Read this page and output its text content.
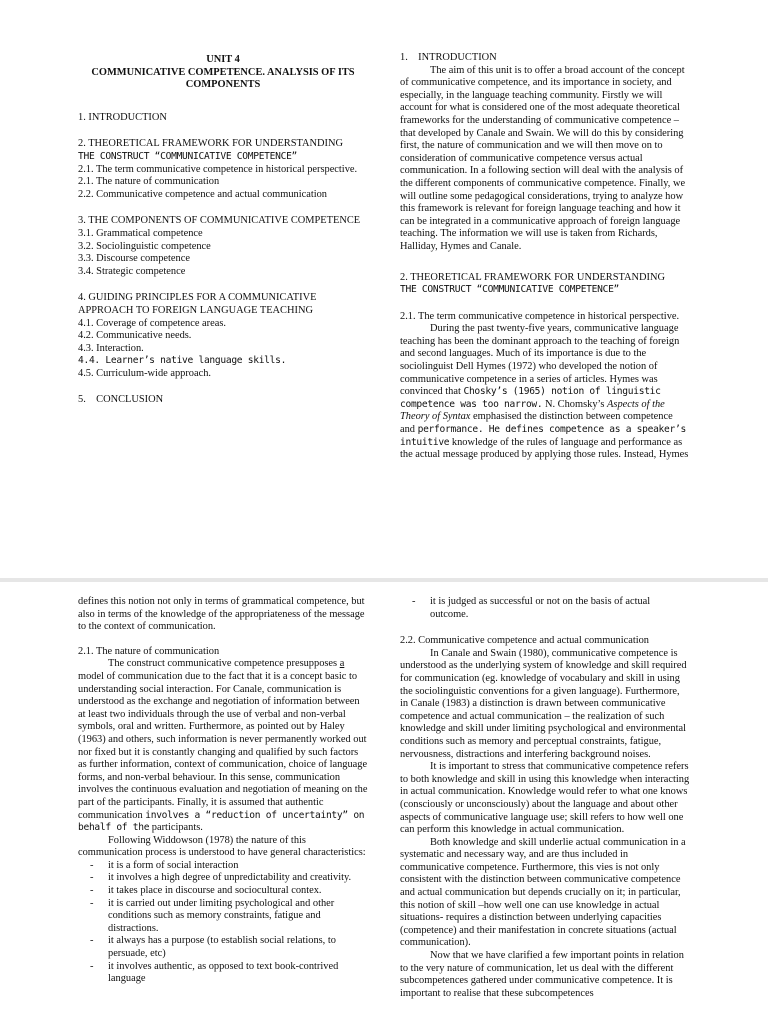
UNIT 4

COMMUNICATIVE COMPETENCE. ANALYSIS OF ITS COMPONENTS

1. INTRODUCTION

2. THEORETICAL FRAMEWORK FOR UNDERSTANDING

THE CONSTRUCT “COMMUNICATIVE COMPETENCE”

2.1. The term communicative competence in historical perspective.

2.1. The nature of communication

2.2. Communicative competence and actual communication

3. THE COMPONENTS OF COMMUNICATIVE COMPETENCE

3.1. Grammatical competence

3.2. Sociolinguistic competence

3.3. Discourse competence

3.4. Strategic competence

4. GUIDING PRINCIPLES FOR A COMMUNICATIVE APPROACH TO FOREIGN LANGUAGE TEACHING

4.1. Coverage of competence areas.

4.2. Communicative needs.

4.3. Interaction.

4.4. Learner’s native language skills.

4.5. Curriculum-wide approach.

5. CONCLUSION

1. INTRODUCTION

The aim of this unit is to offer a broad account of the concept of communicative competence, and its importance in society, and especially, in the language teaching community. Firstly we will account for what is considered one of the most adequate theoretical frameworks for the understanding of communicative competence –that developed by Canale and Swain. We will do this by considering first, the nature of communication and we will then move on to consideration of communicative competence versus actual communication. In a following section will deal with the analysis of the different components of communicative competence. Finally, we will outline some pedagogical considerations, trying to analyze how this framework is relevant for foreign language teaching and how it can be integrated in a communicative approach of foreign language teaching. The information we will use is taken from Richards, Halliday, Hymes and Canale.

2. THEORETICAL FRAMEWORK FOR UNDERSTANDING

THE CONSTRUCT “COMMUNICATIVE COMPETENCE”

2.1. The term communicative competence in historical perspective.

During the past twenty-five years, communicative language teaching has been the dominant approach to the teaching of foreign and second languages. Much of its importance is due to the sociolinguist Dell Hymes (1972) who developed the notion of communicative competence in a series of articles. Hymes was convinced that Chosky’s (1965) notion of linguistic competence was too narrow. N. Chomsky’s Aspects of the Theory of Syntax emphasised the distinction between competence and performance. He defines competence as a speaker’s intuitive knowledge of the rules of language and performance as the actual message produced by applying those rules. Instead, Hymes

defines this notion not only in terms of grammatical competence, but also in terms of the knowledge of the appropriateness of the message to the context of communication.

2.1. The nature of communication

The construct communicative competence presupposes a model of communication due to the fact that it is a concept basic to understanding social interaction. For Canale, communication is understood as the exchange and negotiation of information between at least two individuals through the use of verbal and non-verbal symbols, oral and written. Furthermore, as pointed out by Haley (1963) and others, such information is never permanently worked out nor fixed but it is constantly changing and qualified by such factors as further information, context of communication, choice of language forms, and non-verbal behaviour. In this sense, communication involves the continuous evaluation and negotiation of meaning on the part of the participants. Finally, it is assumed that authentic communication involves a “reduction of uncertainty” on behalf of the participants.

Following Widdowson (1978) the nature of this communication process is understood to have general characteristics:

- it is a form of social interaction
- it involves a high degree of unpredictability and creativity.
- it takes place in discourse and sociocultural contex.
- it is carried out under limiting psychological and other conditions such as memory constraints, fatigue and distractions.
- it always has a purpose (to establish social relations, to persuade, etc)
- it involves authentic, as opposed to text book-contrived language
- it is judged as successful or not on the basis of actual outcome.

2.2. Communicative competence and actual communication

In Canale and Swain (1980), communicative competence is understood as the underlying system of knowledge and skill required for communication (eg. knowledge of vocabulary and skill in using the sociolinguistic conventions for a given language). Furthermore, in Canale (1983) a distinction is drawn between communicative competence and actual communication – the realization of such knowledge and skill under limiting psychological and environmental conditions such as memory and perceptual constraints, fatigue, nervousness, distractions and interfering background noises.

It is important to stress that communicative competence refers to both knowledge and skill in using this knowledge when interacting in actual communication. Knowledge would refer to what one knows (consciously or unconsciously) about the language and about other aspects of communicative language use; skill refers to how well one can perform this knowledge in actual communication.

Both knowledge and skill underlie actual communication in a systematic and necessary way, and are thus included in communicative competence. Furthermore, this vies is not only consistent with the distinction between communicative competence and actual communication but depends crucially on it; in particular, this notion of skill –how well one can use knowledge in actual situations- requires a distinction between underlying capacities (competence) and their manifestation in concrete situations (actual communication).

Now that we have clarified a few important points in relation to the very nature of communication, let us deal with the different subcompetences gathered under communicative competence. It is important to realise that these subcompetences
